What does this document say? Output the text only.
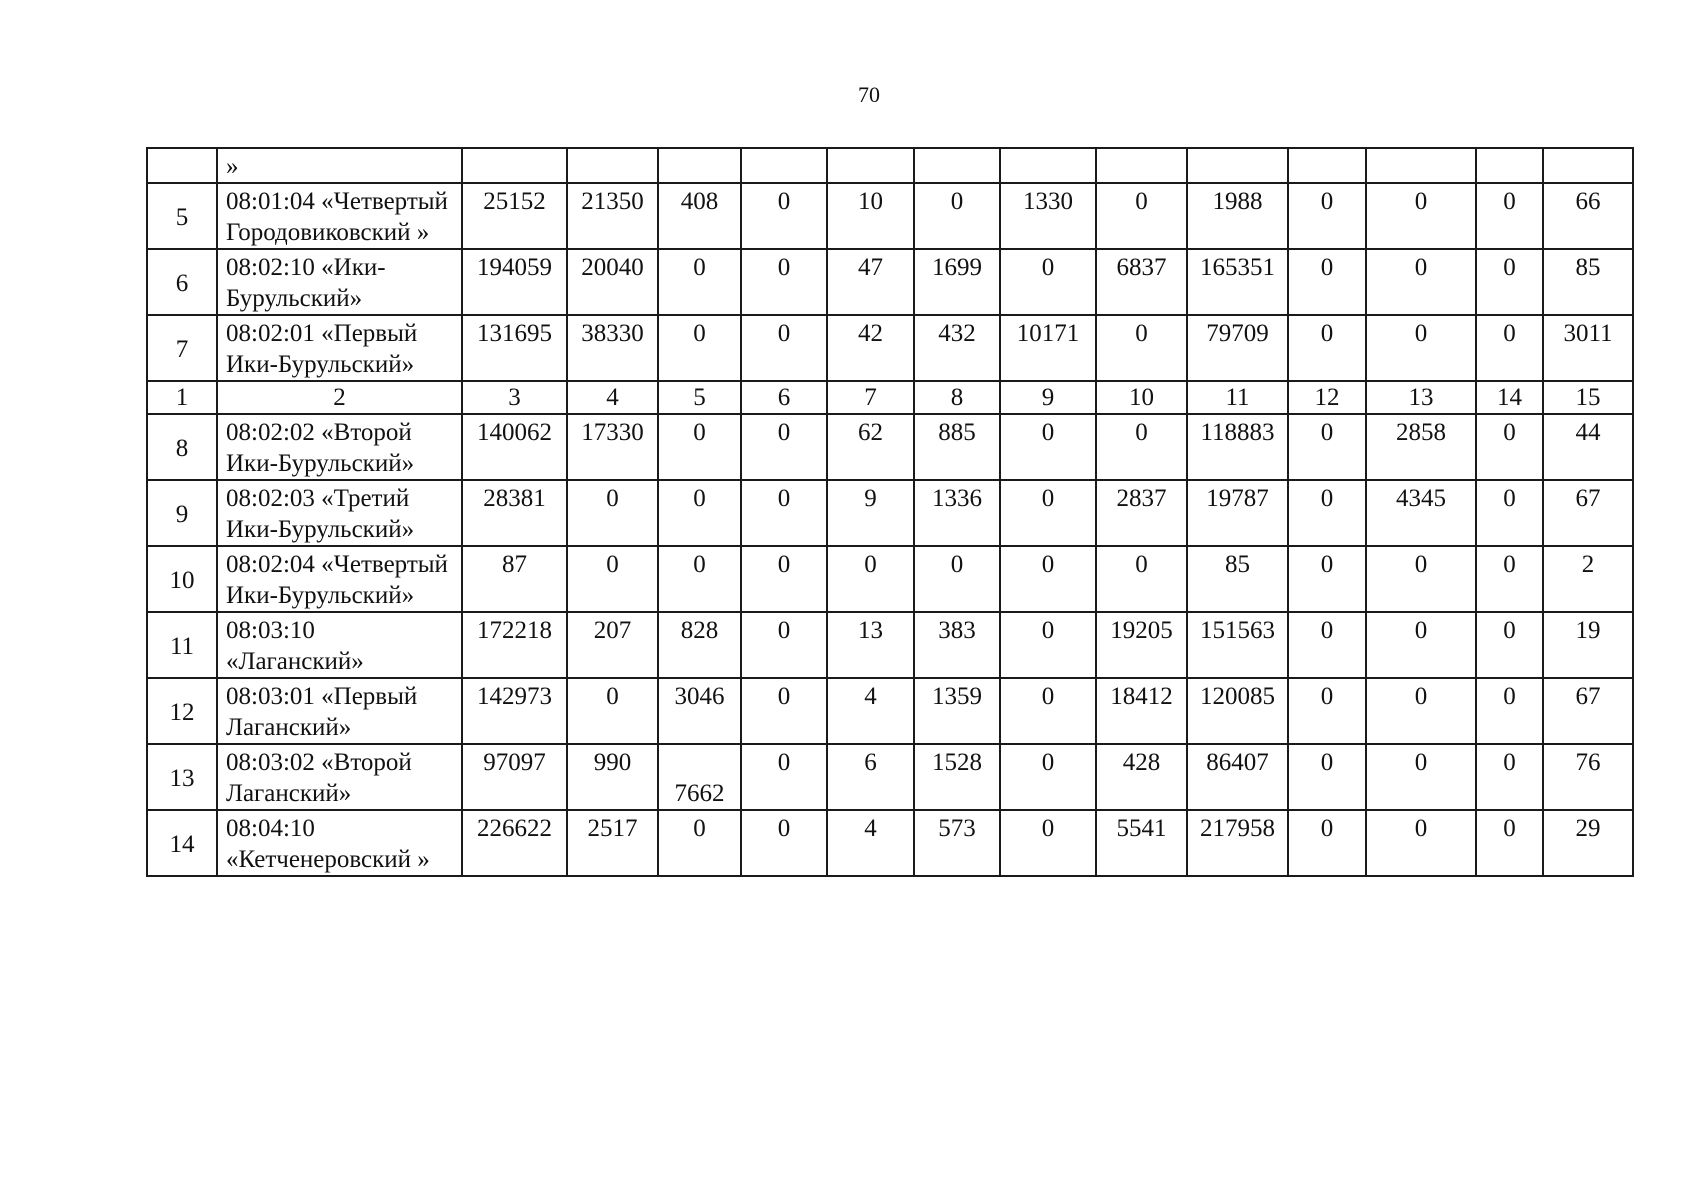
70
	»													
5	08:01:04 «Четвертый Городовиковский »	25152	21350	408	0	10	0	1330	0	1988	0	0	0	66
6	08:02:10 «Ики-Бурульский»	194059	20040	0	0	47	1699	0	6837	165351	0	0	0	85
7	08:02:01 «Первый Ики-Бурульский»	131695	38330	0	0	42	432	10171	0	79709	0	0	0	3011
1	2	3	4	5	6	7	8	9	10	11	12	13	14	15
8	08:02:02 «Второй Ики-Бурульский»	140062	17330	0	0	62	885	0	0	118883	0	2858	0	44
9	08:02:03 «Третий Ики-Бурульский»	28381	0	0	0	9	1336	0	2837	19787	0	4345	0	67
10	08:02:04 «Четвертый Ики-Бурульский»	87	0	0	0	0	0	0	0	85	0	0	0	2
11	08:03:10 «Лаганский»	172218	207	828	0	13	383	0	19205	151563	0	0	0	19
12	08:03:01 «Первый Лаганский»	142973	0	3046	0	4	1359	0	18412	120085	0	0	0	67
13	08:03:02 «Второй Лаганский»	97097	990	7662	0	6	1528	0	428	86407	0	0	0	76
14	08:04:10 «Кетченеровский »	226622	2517	0	0	4	573	0	5541	217958	0	0	0	29
